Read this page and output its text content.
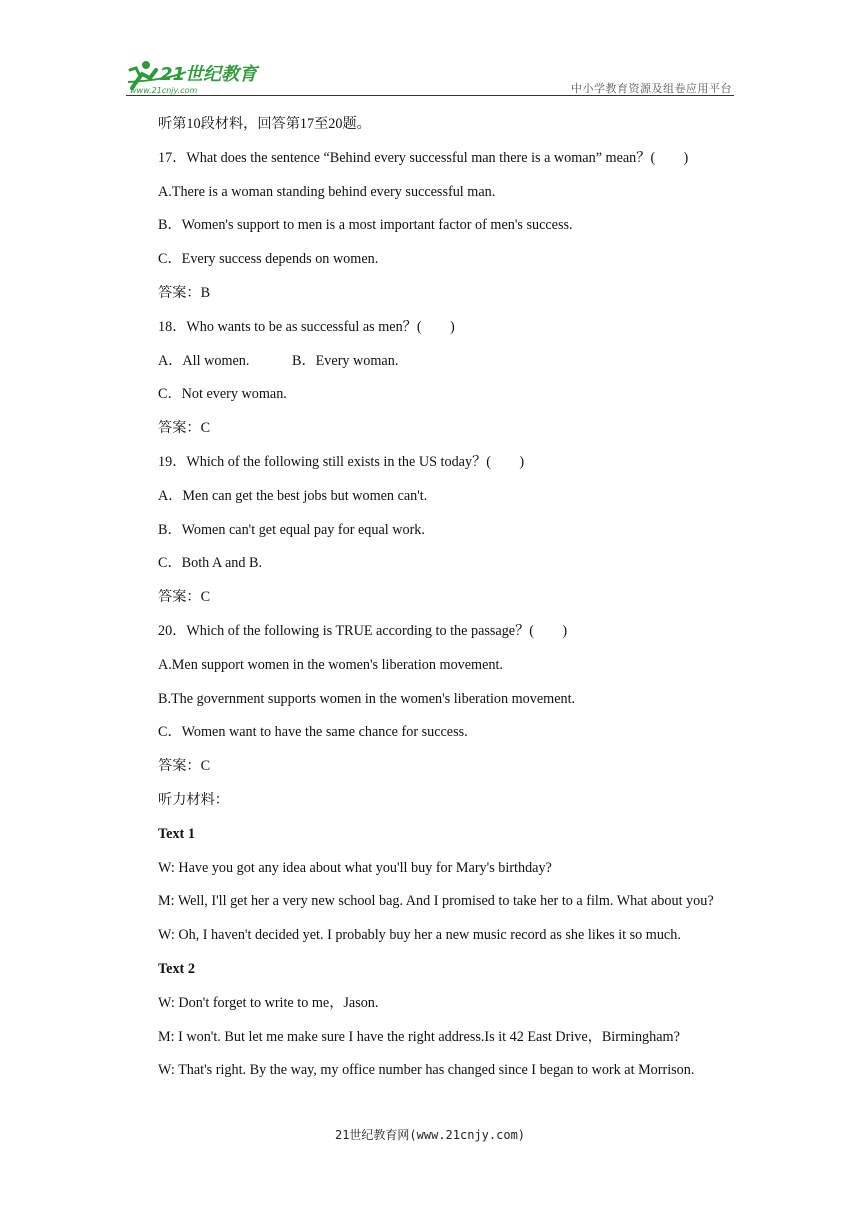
21世纪教育
www.21cnjy.com	中小学教育资源及组卷应用平台
听第10段材料，回答第17至20题。
17．What does the sentence “Behind every successful man there is a woman” mean？(　　)
A.There is a woman standing behind every successful man.
B．Women's support to men is a most important factor of men's success.
C．Every success depends on women.
答案：B
18．Who wants to be as successful as men？(　　)
A．All women.　　　B．Every woman.
C．Not every woman.
答案：C
19．Which of the following still exists in the US today？(　　)
A．Men can get the best jobs but women can't.
B．Women can't get equal pay for equal work.
C．Both A and B.
答案：C
20．Which of the following is TRUE according to the passage？(　　)
A.Men support women in the women's liberation movement.
B.The government supports women in the women's liberation movement.
C．Women want to have the same chance for success.
答案：C
听力材料：
Text 1
W: Have you got any idea about what you'll buy for Mary's birthday?
M: Well, I'll get her a very new school bag. And I promised to take her to a film. What about you?
W: Oh, I haven't decided yet. I probably buy her a new music record as she likes it so much.
Text 2
W: Don't forget to write to me，Jason.
M: I won't. But let me make sure I have the right address.Is it 42 East Drive，Birmingham?
W: That's right. By the way, my office number has changed since I began to work at Morrison.
21世纪教育网(www.21cnjy.com)
